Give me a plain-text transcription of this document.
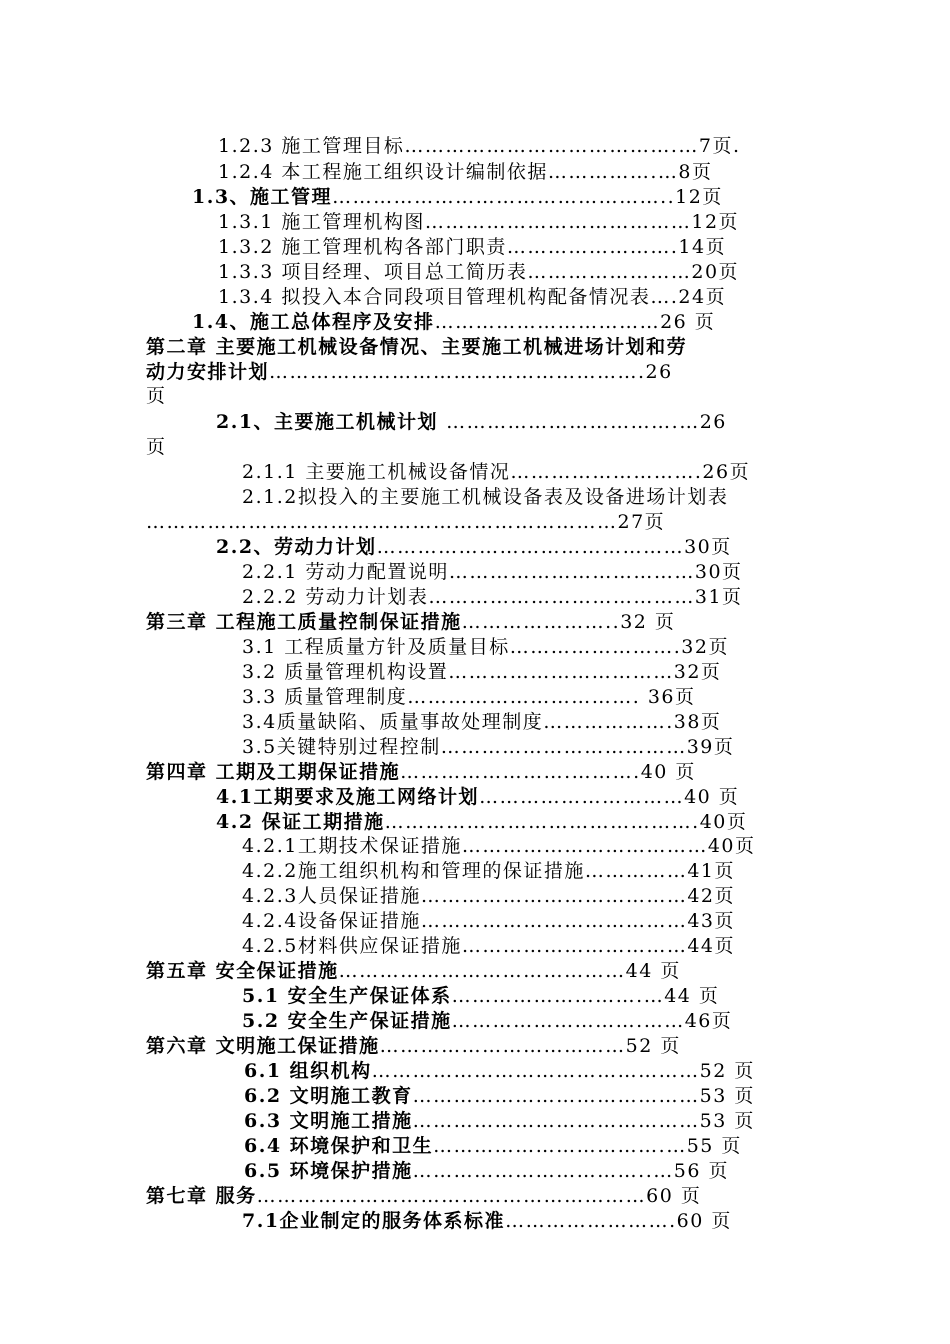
1.2.3 施工管理目标………………………………….…7页.
1.2.4 本工程施工组织设计编制依据…………….…8页
1.3、施工管理…………………………………………..12页
1.3.1 施工管理机构图…………………………………12页
1.3.2 施工管理机构各部门职责…………………….14页
1.3.3 项目经理、项目总工简历表……………………20页
1.3.4 拟投入本合同段项目管理机构配备情况表….24页
1.4、施工总体程序及安排……………………………26 页
第二章 主要施工机械设备情况、主要施工机械进场计划和劳
动力安排计划……………………………………………….26
页
2.1、主要施工机械计划 …………………………….…26
页
2.1.1 主要施工机械设备情况……………………….26页
2.1.2拟投入的主要施工机械设备表及设备进场计划表
……………………………………………………………27页
2.2、劳动力计划………………………………………30页
2.2.1 劳动力配置说明………………………………30页
2.2.2 劳动力计划表…………………………………31页
第三章 工程施工质量控制保证措施…………………..32 页
3.1 工程质量方针及质量目标…………………….32页
3.2 质量管理机构设置……………………………32页
3.3 质量管理制度……………………………. 36页
3.4质量缺陷、质量事故处理制度……………….38页
3.5关键特别过程控制………………………………39页
第四章 工期及工期保证措施…………………….……….40 页
4.1工期要求及施工网络计划…………………………40 页
4.2 保证工期措施……………………………………….40页
4.2.1工期技术保证措施………………………………40页
4.2.2施工组织机构和管理的保证措施……………41页
4.2.3人员保证措施…………………………………42页
4.2.4设备保证措施…………………………………43页
4.2.5材料供应保证措施……………………………44页
第五章 安全保证措施……………………………………44 页
5.1 安全生产保证体系……………………….…44 页
5.2 安全生产保证措施……………………….……46页
第六章 文明施工保证措施………………………………52 页
6.1 组织机构…………………………………………52 页
6.2 文明施工教育……………………………………53 页
6.3 文明施工措施……………………………………53 页
6.4 环境保护和卫生…………………………….…55 页
6.5 环境保护措施……………………………..…56 页
第七章 服务…………………………………………………60 页
7.1企业制定的服务体系标准…………………….60 页
